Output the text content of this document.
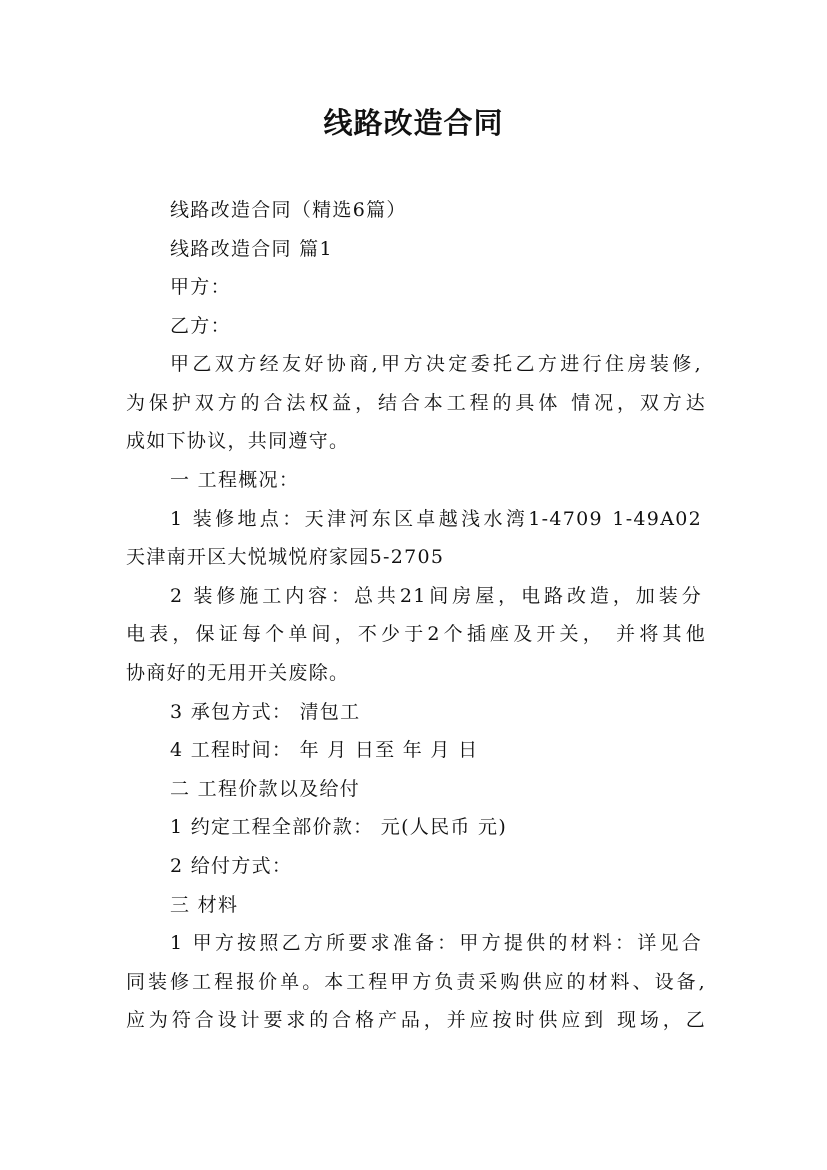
线路改造合同
线路改造合同（精选6篇）
线路改造合同 篇1
甲方：
乙方：
甲乙双方经友好协商,甲方决定委托乙方进行住房装修,
为保护双方的合法权益，结合本工程的具体 情况，双方达
成如下协议，共同遵守。
一 工程概况：
1 装修地点：天津河东区卓越浅水湾1-4709 1-49A02
天津南开区大悦城悦府家园5-2705
2 装修施工内容：总共21间房屋，电路改造，加装分
电表，保证每个单间，不少于2个插座及开关， 并将其他
协商好的无用开关废除。
3 承包方式： 清包工
4 工程时间： 年 月 日至 年 月 日
二 工程价款以及给付
1 约定工程全部价款： 元(人民币 元)
2 给付方式：
三 材料
1 甲方按照乙方所要求准备：甲方提供的材料：详见合
同装修工程报价单。本工程甲方负责采购供应的材料、设备,
应为符合设计要求的合格产品，并应按时供应到 现场，乙
